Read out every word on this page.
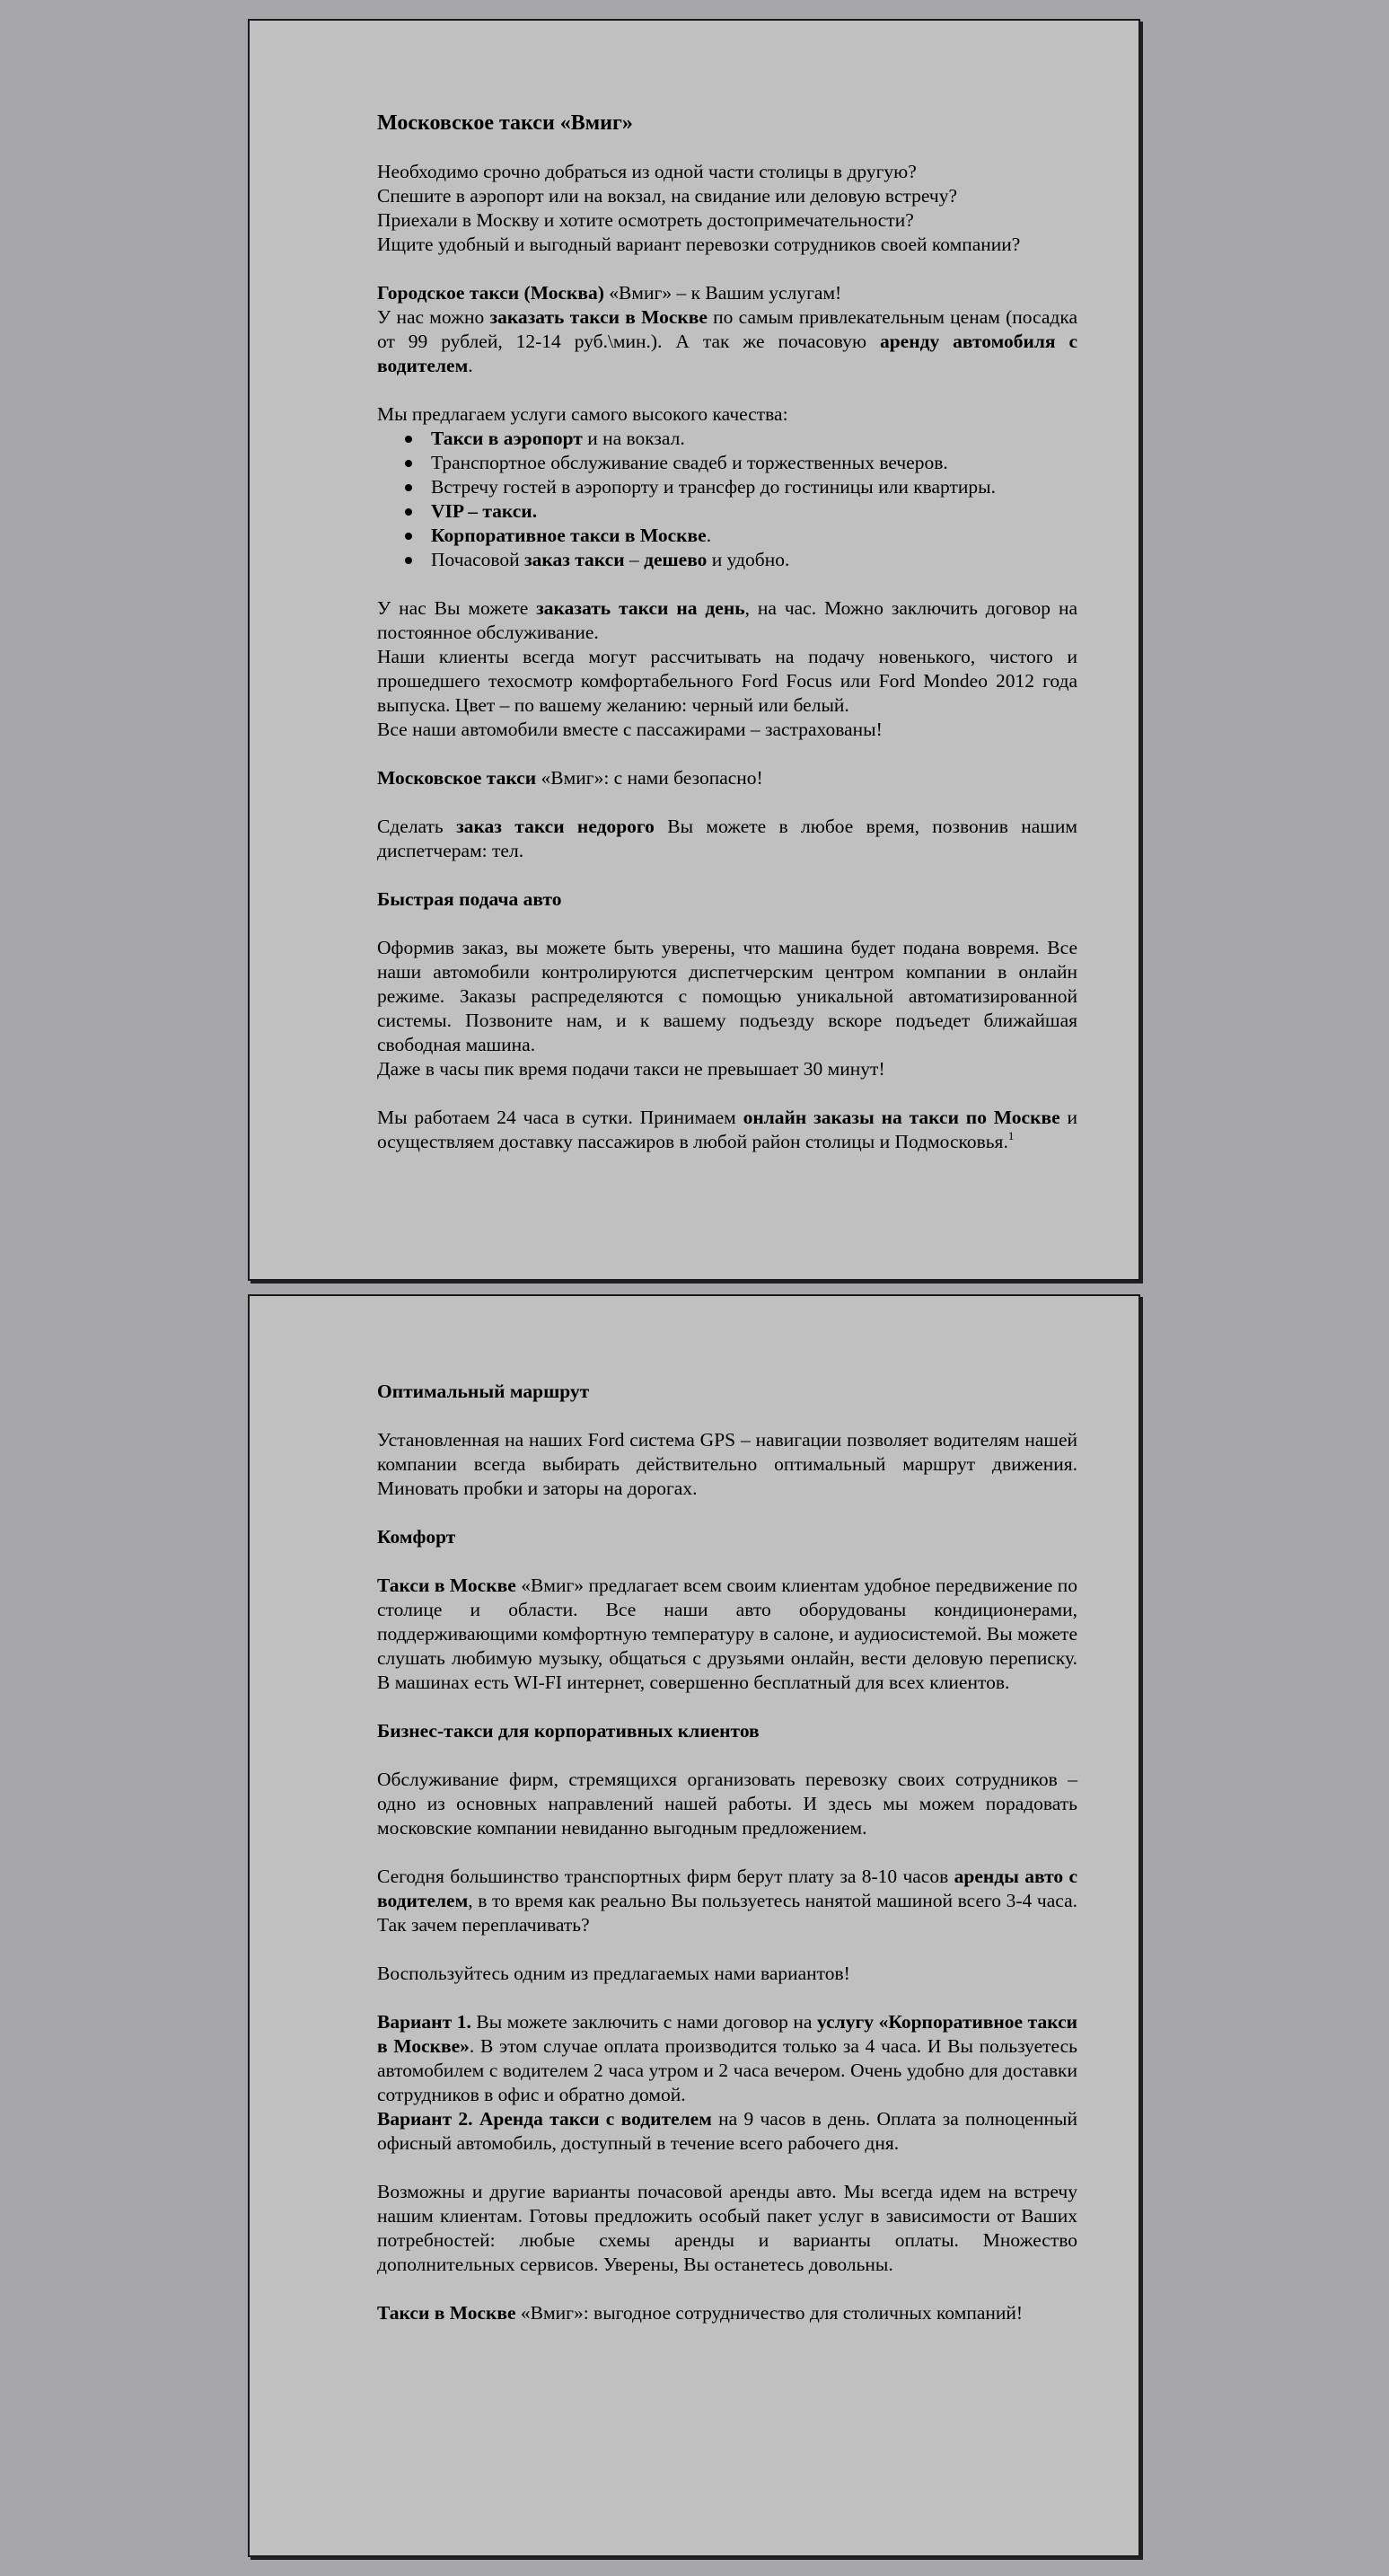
Московское такси «Вмиг»

Необходимо срочно добраться из одной части столицы в другую?

Спешите в аэропорт или на вокзал, на свидание или деловую встречу?

Приехали в Москву и хотите осмотреть достопримечательности?

Ищите удобный и выгодный вариант перевозки сотрудников своей компании?

Городское такси (Москва) «Вмиг» – к Вашим услугам!

У нас можно заказать такси в Москве по самым привлекательным ценам (посадка от 99 рублей, 12-14 руб.\мин.). А так же почасовую аренду автомобиля с водителем.

Мы предлагаем услуги самого высокого качества:

Такси в аэропорт и на вокзал.
Транспортное обслуживание свадеб и торжественных вечеров.
Встречу гостей в аэропорту и трансфер до гостиницы или квартиры.
VIP – такси.
Корпоративное такси в Москве.
Почасовой заказ такси – дешево и удобно.

У нас Вы можете заказать такси на день, на час. Можно заключить договор на постоянное обслуживание.

Наши клиенты всегда могут рассчитывать на подачу новенького, чистого и прошедшего техосмотр комфортабельного Ford Focus или Ford Mondeo 2012 года выпуска. Цвет – по вашему желанию: черный или белый.

Все наши автомобили вместе с пассажирами – застрахованы!

Московское такси «Вмиг»: с нами безопасно!

Сделать заказ такси недорого Вы можете в любое время, позвонив нашим диспетчерам: тел.

Быстрая подача авто

Оформив заказ, вы можете быть уверены, что машина будет подана вовремя. Все наши автомобили контролируются диспетчерским центром компании в онлайн режиме. Заказы распределяются с помощью уникальной автоматизированной системы. Позвоните нам, и к вашему подъезду вскоре подъедет ближайшая свободная машина.

Даже в часы пик время подачи такси не превышает 30 минут!

Мы работаем 24 часа в сутки. Принимаем онлайн заказы на такси по Москве и осуществляем доставку пассажиров в любой район столицы и Подмосковья.$^1$

Оптимальный маршрут

Установленная на наших Ford система GPS – навигации позволяет водителям нашей компании всегда выбирать действительно оптимальный маршрут движения. Миновать пробки и заторы на дорогах.

Комфорт

Такси в Москве «Вмиг» предлагает всем своим клиентам удобное передвижение по столице и области. Все наши авто оборудованы кондиционерами, поддерживающими комфортную температуру в салоне, и аудиосистемой. Вы можете слушать любимую музыку, общаться с друзьями онлайн, вести деловую переписку. В машинах есть WI-FI интернет, совершенно бесплатный для всех клиентов.

Бизнес-такси для корпоративных клиентов

Обслуживание фирм, стремящихся организовать перевозку своих сотрудников – одно из основных направлений нашей работы. И здесь мы можем порадовать московские компании невиданно выгодным предложением.

Сегодня большинство транспортных фирм берут плату за 8-10 часов аренды авто с водителем, в то время как реально Вы пользуетесь нанятой машиной всего 3-4 часа. Так зачем переплачивать?

Воспользуйтесь одним из предлагаемых нами вариантов!

Вариант 1. Вы можете заключить с нами договор на услугу «Корпоративное такси в Москве». В этом случае оплата производится только за 4 часа. И Вы пользуетесь автомобилем с водителем 2 часа утром и 2 часа вечером. Очень удобно для доставки сотрудников в офис и обратно домой.

Вариант 2. Аренда такси с водителем на 9 часов в день. Оплата за полноценный офисный автомобиль, доступный в течение всего рабочего дня.

Возможны и другие варианты почасовой аренды авто. Мы всегда идем на встречу нашим клиентам. Готовы предложить особый пакет услуг в зависимости от Ваших потребностей: любые схемы аренды и варианты оплаты. Множество дополнительных сервисов. Уверены, Вы останетесь довольны.

Такси в Москве «Вмиг»: выгодное сотрудничество для столичных компаний!
